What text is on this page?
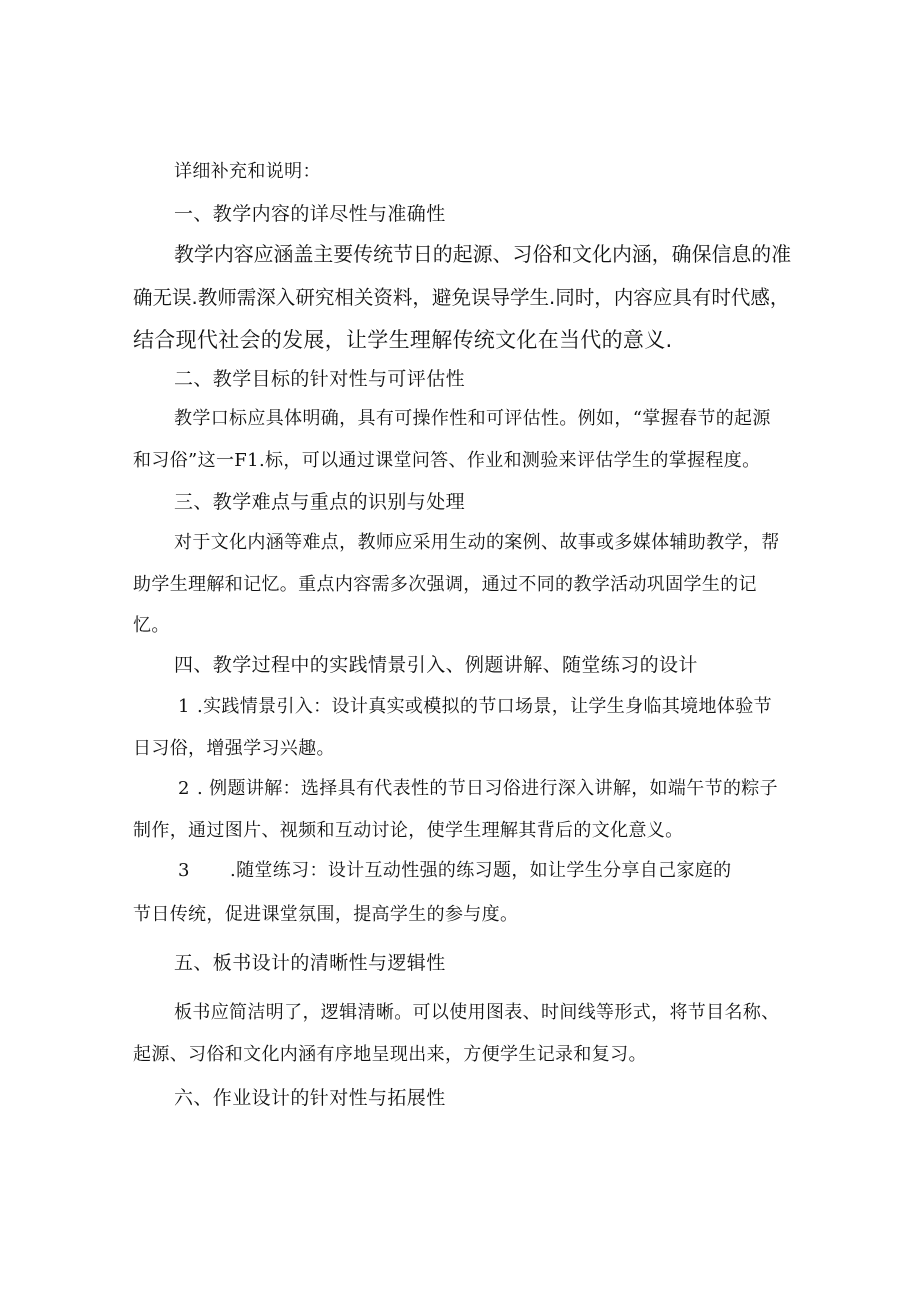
详细补充和说明：
一、教学内容的详尽性与准确性
教学内容应涵盖主要传统节日的起源、习俗和文化内涵，确保信息的准
确无误.教师需深入研究相关资料，避免误导学生.同时，内容应具有时代感，
结合现代社会的发展，让学生理解传统文化在当代的意义.
二、教学目标的针对性与可评估性
教学口标应具体明确，具有可操作性和可评估性。例如，“掌握春节的起源
和习俗”这一F1.标，可以通过课堂问答、作业和测验来评估学生的掌握程度。
三、教学难点与重点的识别与处理
对于文化内涵等难点，教师应采用生动的案例、故事或多媒体辅助教学，帮
助学生理解和记忆。重点内容需多次强调，通过不同的教学活动巩固学生的记
忆。
四、教学过程中的实践情景引入、例题讲解、随堂练习的设计
1 .实践情景引入：设计真实或模拟的节口场景，让学生身临其境地体验节
日习俗，增强学习兴趣。
2 . 例题讲解：选择具有代表性的节日习俗进行深入讲解，如端午节的粽子
制作，通过图片、视频和互动讨论，使学生理解其背后的文化意义。
3 .随堂练习：设计互动性强的练习题，如让学生分享自己家庭的
节日传统，促进课堂氛围，提高学生的参与度。
五、板书设计的清晰性与逻辑性
板书应简洁明了，逻辑清晰。可以使用图表、时间线等形式，将节目名称、
起源、习俗和文化内涵有序地呈现出来，方便学生记录和复习。
六、作业设计的针对性与拓展性
